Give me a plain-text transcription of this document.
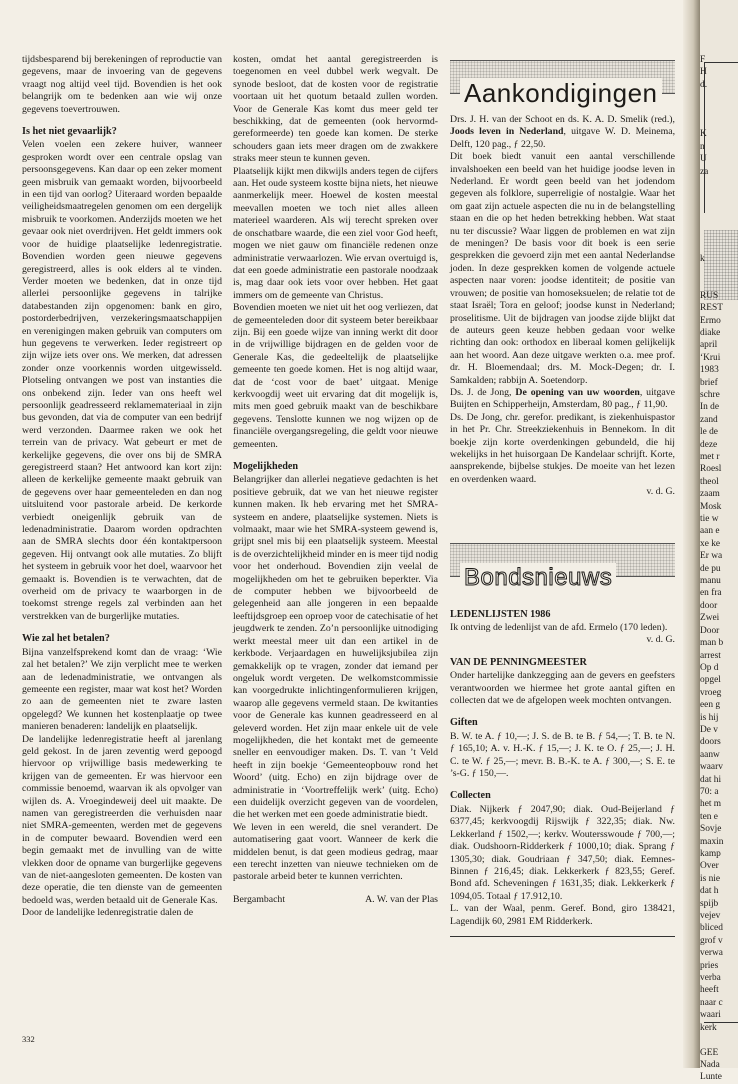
tijdsbesparend bij berekeningen of reproductie van gegevens, maar de invoering van de gegevens vraagt nog altijd veel tijd. Bovendien is het ook belangrijk om te bedenken aan wie wij onze gegevens toevertrouwen.

Is het niet gevaarlijk?

Velen voelen een zekere huiver, wanneer gesproken wordt over een centrale opslag van persoonsgegevens. Kan daar op een zeker moment geen misbruik van gemaakt worden, bijvoorbeeld in een tijd van oorlog? Uiteraard worden bepaalde veiligheidsmaatregelen genomen om een dergelijk misbruik te voorkomen. Anderzijds moeten we het gevaar ook niet overdrijven. Het geldt immers ook voor de huidige plaatselijke ledenregistratie. Bovendien worden geen nieuwe gegevens geregistreerd, alles is ook elders al te vinden. Verder moeten we bedenken, dat in onze tijd allerlei persoonlijke gegevens in talrijke databestanden zijn opgenomen: bank en giro, postorderbedrijven, verzekeringsmaatschappijen en verenigingen maken gebruik van computers om hun gegevens te verwerken. Ieder registreert op zijn wijze iets over ons. We merken, dat adressen zonder onze voorkennis worden uitgewisseld. Plotseling ontvangen we post van instanties die ons onbekend zijn. Ieder van ons heeft wel persoonlijk geadresseerd reklamemateriaal in zijn bus gevonden, dat via de computer van een bedrijf werd verzonden. Daarmee raken we ook het terrein van de privacy. Wat gebeurt er met de kerkelijke gegevens, die over ons bij de SMRA geregistreerd staan? Het antwoord kan kort zijn: alleen de kerkelijke gemeente maakt gebruik van de gegevens over haar gemeenteleden en dan nog uitsluitend voor pastorale arbeid. De kerkorde verbiedt oneigenlijk gebruik van de ledenadministratie. Daarom worden opdrachten aan de SMRA slechts door één kontaktpersoon gegeven. Hij ontvangt ook alle mutaties. Zo blijft het systeem in gebruik voor het doel, waarvoor het gemaakt is. Bovendien is te verwachten, dat de overheid om de privacy te waarborgen in de toekomst strenge regels zal verbinden aan het verstrekken van de burgerlijke mutaties.

Wie zal het betalen?

Bijna vanzelfsprekend komt dan de vraag: ‘Wie zal het betalen?’ We zijn verplicht mee te werken aan de ledenadministratie, we ontvangen als gemeente een register, maar wat kost het? Worden zo aan de gemeenten niet te zware lasten opgelegd? We kunnen het kostenplaatje op twee manieren benaderen: landelijk en plaatselijk.

De landelijke ledenregistratie heeft al jarenlang geld gekost. In de jaren zeventig werd gepoogd hiervoor op vrijwillige basis medewerking te krijgen van de gemeenten. Er was hiervoor een commissie benoemd, waarvan ik als opvolger van wijlen ds. A. Vroegindeweij deel uit maakte. De namen van geregistreerden die verhuisden naar niet SMRA-gemeenten, werden met de gegevens in de computer bewaard. Bovendien werd een begin gemaakt met de invulling van de witte vlekken door de opname van burgerlijke gegevens van de niet-aangesloten gemeenten. De kosten van deze operatie, die ten dienste van de gemeenten bedoeld was, werden betaald uit de Generale Kas.

Door de landelijke ledenregistratie dalen de

332

kosten, omdat het aantal geregistreerden is toegenomen en veel dubbel werk wegvalt. De synode besloot, dat de kosten voor de registratie voortaan uit het quotum betaald zullen worden. Voor de Generale Kas komt dus meer geld ter beschikking, dat de gemeenten (ook hervormd-gereformeerde) ten goede kan komen. De sterke schouders gaan iets meer dragen om de zwakkere straks meer steun te kunnen geven.

Plaatselijk kijkt men dikwijls anders tegen de cijfers aan. Het oude systeem kostte bijna niets, het nieuwe aanmerkelijk meer. Hoewel de kosten meestal meevallen moeten we toch niet alles alleen materieel waarderen. Als wij terecht spreken over de onschatbare waarde, die een ziel voor God heeft, mogen we niet gauw om financiële redenen onze administratie verwaarlozen. Wie ervan overtuigd is, dat een goede administratie een pastorale noodzaak is, mag daar ook iets voor over hebben. Het gaat immers om de gemeente van Christus.

Bovendien moeten we niet uit het oog verliezen, dat de gemeenteleden door dit systeem beter bereikbaar zijn. Bij een goede wijze van inning werkt dit door in de vrijwillige bijdragen en de gelden voor de Generale Kas, die gedeeltelijk de plaatselijke gemeente ten goede komen. Het is nog altijd waar, dat de ‘cost voor de baet’ uitgaat. Menige kerkvoogdij weet uit ervaring dat dit mogelijk is, mits men goed gebruik maakt van de beschikbare gegevens. Tenslotte kunnen we nog wijzen op de financiële overgangsregeling, die geldt voor nieuwe gemeenten.

Mogelijkheden

Belangrijker dan allerlei negatieve gedachten is het positieve gebruik, dat we van het nieuwe register kunnen maken. Ik heb ervaring met het SMRA-systeem en andere, plaatselijke systemen. Niets is volmaakt, maar wie het SMRA-systeem gewend is, grijpt snel mis bij een plaatselijk systeem. Meestal is de overzichtelijkheid minder en is meer tijd nodig voor het onderhoud. Bovendien zijn veelal de mogelijkheden om het te gebruiken beperkter. Via de computer hebben we bijvoorbeeld de gelegenheid aan alle jongeren in een bepaalde leeftijdsgroep een oproep voor de catechisatie of het jeugdwerk te zenden. Zo’n persoonlijke uitnodiging werkt meestal meer uit dan een artikel in de kerkbode. Verjaardagen en huwelijksjubilea zijn gemakkelijk op te vragen, zonder dat iemand per ongeluk wordt vergeten. De welkomstcommissie kan voorgedrukte inlichtingenformulieren krijgen, waarop alle gegevens vermeld staan. De kwitanties voor de Generale kas kunnen geadresseerd en al geleverd worden. Het zijn maar enkele uit de vele mogelijkheden, die het kontakt met de gemeente sneller en eenvoudiger maken. Ds. T. van ’t Veld heeft in zijn boekje ‘Gemeenteopbouw rond het Woord’ (uitg. Echo) en zijn bijdrage over de administratie in ‘Voortreffelijk werk’ (uitg. Echo) een duidelijk overzicht gegeven van de voordelen, die het werken met een goede administratie biedt.

We leven in een wereld, die snel verandert. De automatisering gaat voort. Wanneer de kerk die middelen benut, is dat geen modieus gedrag, maar een terecht inzetten van nieuwe technieken om de pastorale arbeid beter te kunnen verrichten.

Bergambacht	A. W. van der Plas
Aankondigingen

Drs. J. H. van der Schoot en ds. K. A. D. Smelik (red.), Joods leven in Nederland, uitgave W. D. Meinema, Delft, 120 pag., ƒ 22,50.

Dit boek biedt vanuit een aantal verschillende invalshoeken een beeld van het huidige joodse leven in Nederland. Er wordt geen beeld van het jodendom gegeven als folklore, superreligie of nostalgie. Waar het om gaat zijn actuele aspecten die nu in de belangstelling staan en die op het heden betrekking hebben. Wat staat nu ter discussie? Waar liggen de problemen en wat zijn de meningen? De basis voor dit boek is een serie gesprekken die gevoerd zijn met een aantal Nederlandse joden. In deze gesprekken komen de volgende actuele aspecten naar voren: joodse identiteit; de positie van vrouwen; de positie van homoseksuelen; de relatie tot de staat Israël; Tora en geloof; joodse kunst in Nederland; proselitisme. Uit de bijdragen van joodse zijde blijkt dat de auteurs geen keuze hebben gedaan voor welke richting dan ook: orthodox en liberaal komen gelijkelijk aan het woord. Aan deze uitgave werkten o.a. mee prof. dr. H. Bloemendaal; drs. M. Mock-Degen; dr. I. Samkalden; rabbijn A. Soetendorp.

Ds. J. de Jong, De opening van uw woorden, uitgave Buijten en Schipperheijn, Amsterdam, 80 pag., ƒ 11,90.

Ds. De Jong, chr. gerefor. predikant, is ziekenhuispastor in het Pr. Chr. Streekziekenhuis in Bennekom. In dit boekje zijn korte overdenkingen gebundeld, die hij wekelijks in het huisorgaan De Kandelaar schrijft. Korte, aansprekende, bijbelse stukjes. De moeite van het lezen en overdenken waard.

v. d. G.

Bondsnieuws
LEDENLIJSTEN 1986

Ik ontving de ledenlijst van de afd. Ermelo (170 leden).

v. d. G.

VAN DE PENNINGMEESTER

Onder hartelijke dankzegging aan de gevers en geefsters verantwoorden we hiermee het grote aantal giften en collecten dat we de afgelopen week mochten ontvangen.

Giften

B. W. te A. ƒ 10,—; J. S. de B. te B. ƒ 54,—; T. B. te N. ƒ 165,10; A. v. H.-K. ƒ 15,—; J. K. te O. ƒ 25,—; J. H. C. te W. ƒ 25,—; mevr. B. B.-K. te A. ƒ 300,—; S. E. te ’s-G. ƒ 150,—.

Collecten

Diak. Nijkerk ƒ 2047,90; diak. Oud-Beijerland ƒ 6377,45; kerkvoogdij Rijswijk ƒ 322,35; diak. Nw. Lekkerland ƒ 1502,—; kerkv. Woutersswoude ƒ 700,—; diak. Oudshoorn-Ridderkerk ƒ 1000,10; diak. Sprang ƒ 1305,30; diak. Goudriaan ƒ 347,50; diak. Eemnes-Binnen ƒ 216,45; diak. Lekkerkerk ƒ 823,55; Geref. Bond afd. Scheveningen ƒ 1631,35; diak. Lekkerkerk ƒ 1094,05. Totaal ƒ 17.912,10.

L. van der Waal, penm. Geref. Bond, giro 138421, Lagendijk 60, 2981 EM Ridderkerk.

F

H

d.

K

n

U

za

k

RUS

REST

Ermo

diake

april

‘Krui

1983

brief

schre

In de

zand

le de

deze

met r

Roesl

theol

zaam

Mosk

tie w

aan e

xe ke

Er wa

de pu

manu

en fra

door

Zwei

Door

man b

arrest

Op d

opgel

vroeg

een g

is hij

De v

doors

aanw

waarv

dat hi

70: a

het m

ten e

Sovje

maxin

kamp

Over

is nie

dat h

spijb

vejev

bliced

grof v

verwa

pries

verba

heeft

naar c

waari

kerk

GEE

Nada

Lunte
